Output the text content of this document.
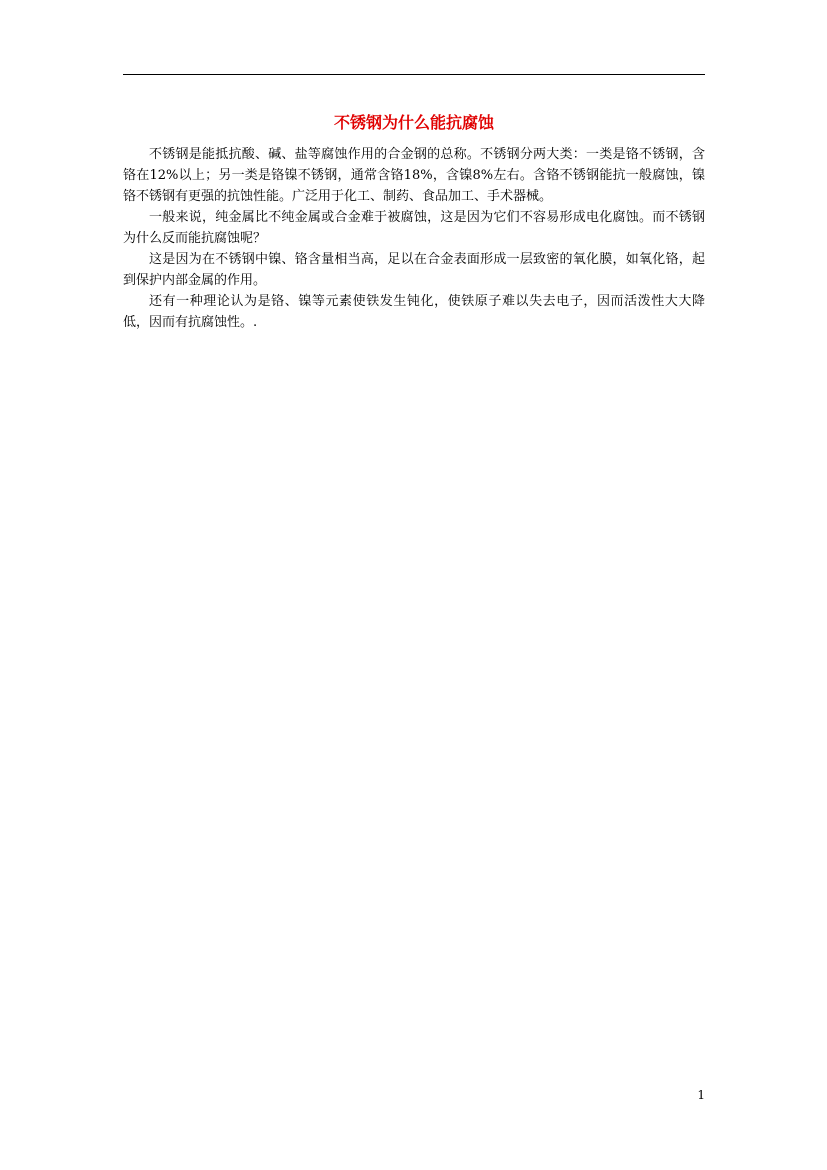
不锈钢为什么能抗腐蚀

不锈钢是能抵抗酸、碱、盐等腐蚀作用的合金钢的总称。不锈钢分两大类：一类是铬不锈钢，含铬在12%以上；另一类是铬镍不锈钢，通常含铬18%，含镍8%左右。含铬不锈钢能抗一般腐蚀，镍铬不锈钢有更强的抗蚀性能。广泛用于化工、制药、食品加工、手术器械。

一般来说，纯金属比不纯金属或合金难于被腐蚀，这是因为它们不容易形成电化腐蚀。而不锈钢为什么反而能抗腐蚀呢？

这是因为在不锈钢中镍、铬含量相当高，足以在合金表面形成一层致密的氧化膜，如氧化铬，起到保护内部金属的作用。

还有一种理论认为是铬、镍等元素使铁发生钝化，使铁原子难以失去电子，因而活泼性大大降低，因而有抗腐蚀性。.

1
